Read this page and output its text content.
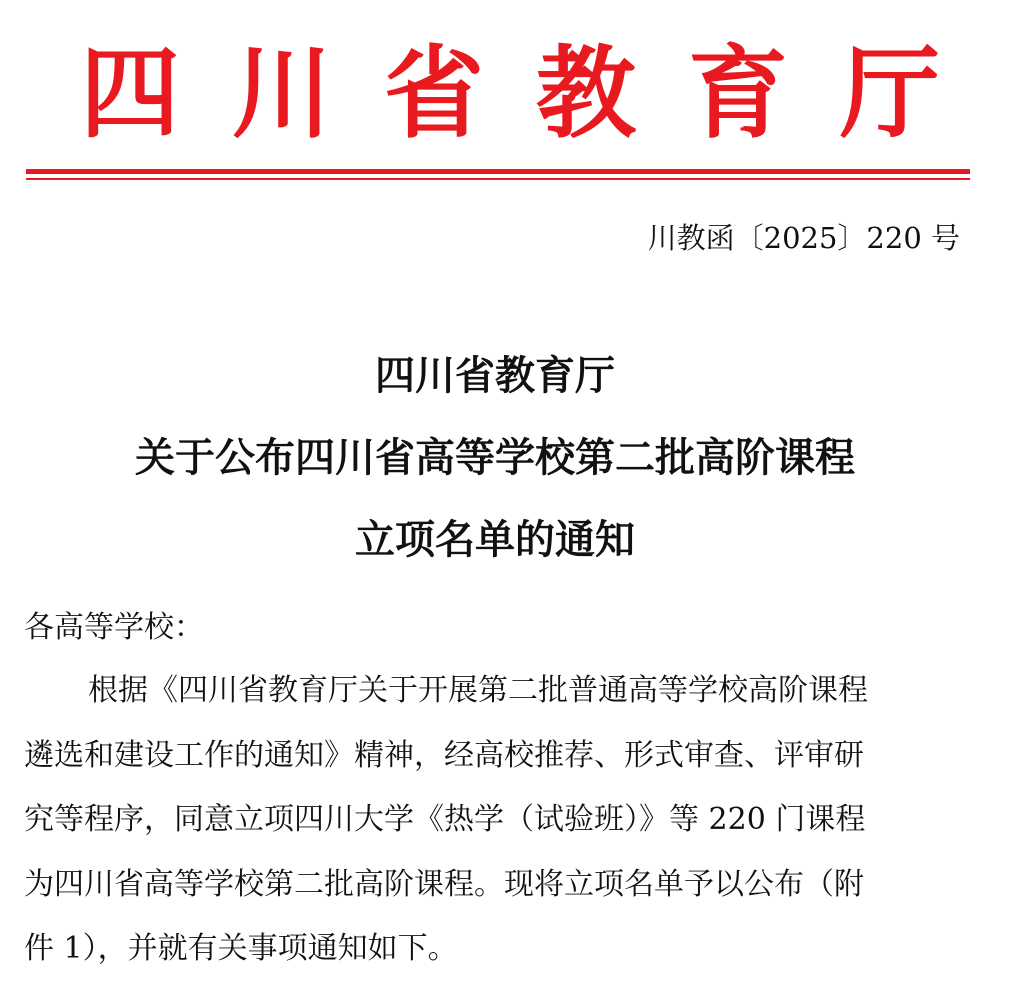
四 川 省 教 育 厅
川教函〔2025〕220 号
四川省教育厅
关于公布四川省高等学校第二批高阶课程
立项名单的通知
各高等学校：
根据《四川省教育厅关于开展第二批普通高等学校高阶课程
遴选和建设工作的通知》精神，经高校推荐、形式审查、评审研
究等程序，同意立项四川大学《热学（试验班）》等 220 门课程
为四川省高等学校第二批高阶课程。现将立项名单予以公布（附
件 1），并就有关事项通知如下。
